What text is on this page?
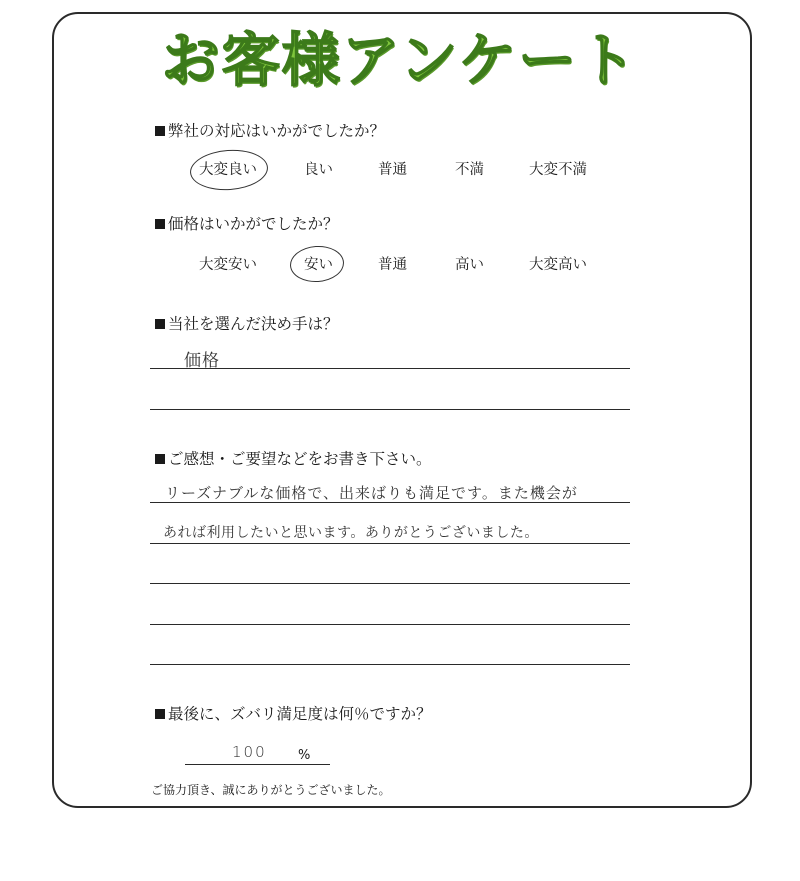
お客様アンケート
弊社の対応はいかがでしたか？
大変良い	良い	普通	不満	大変不満
価格はいかがでしたか？
大変安い	安い	普通	高い	大変高い
当社を選んだ決め手は？
価格
ご感想・ご要望などをお書き下さい。
リーズナブルな価格で、出来ばりも満足です。また機会が
あれば利用したいと思います。ありがとうございました。
最後に、ズバリ満足度は何％ですか？
100 %
ご協力頂き、誠にありがとうございました。
